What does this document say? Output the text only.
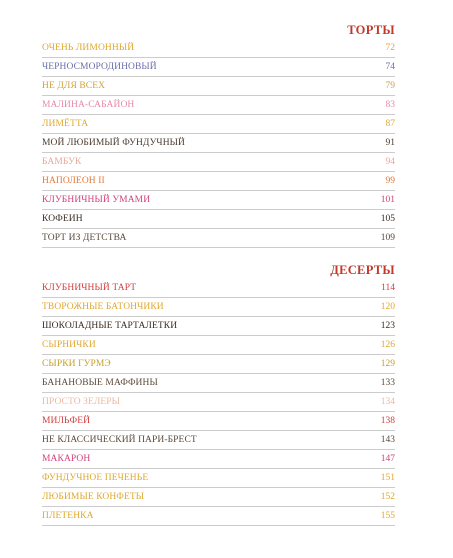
ТОРТЫ
ОЧЕНЬ ЛИМОННЫЙ	72
ЧЕРНОСМОРОДИНОВЫЙ	74
НЕ ДЛЯ ВСЕХ	79
МАЛИНА-САБАЙОН	83
ЛИМЁТТА	87
МОЙ ЛЮБИМЫЙ ФУНДУЧНЫЙ	91
БАМБУК	94
НАПОЛЕОН II	99
КЛУБНИЧНЫЙ УМАМИ	101
КОФЕИН	105
ТОРТ ИЗ ДЕТСТВА	109
ДЕСЕРТЫ
КЛУБНИЧНЫЙ ТАРТ	114
ТВОРОЖНЫЕ БАТОНЧИКИ	120
ШОКОЛАДНЫЕ ТАРТАЛЕТКИ	123
СЫРНИЧКИ	126
СЫРКИ ГУРМЭ	129
БАНАНОВЫЕ МАФФИНЫ	133
ПРОСТО ЗЕЛЕРЫ	134
МИЛЬФЕЙ	138
НЕ КЛАССИЧЕСКИЙ ПАРИ-БРЕСТ	143
МАКАРОН	147
ФУНДУЧНОЕ ПЕЧЕНЬЕ	151
ЛЮБИМЫЕ КОНФЕТЫ	152
ПЛЕТЕНКА	155
